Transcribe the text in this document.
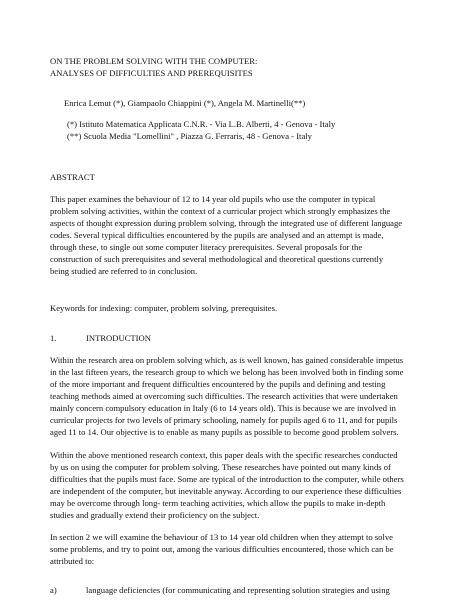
ON THE PROBLEM SOLVING WITH THE COMPUTER:
ANALYSES OF DIFFICULTIES AND PREREQUISITES
Enrica Lemut (*), Giampaolo Chiappini (*), Angela M. Martinelli(**)
(*) Istituto Matematica Applicata C.N.R. - Via L.B. Alberti, 4 - Genova - Italy
(**) Scuola Media "Lomellini" , Piazza G. Ferraris, 48 - Genova - Italy
ABSTRACT
This paper examines the behaviour of 12 to 14 year old pupils who use the computer in typical
problem solving activities, within the context of a curricular project which strongly emphasizes the
aspects of thought expression during problem solving, through the integrated use of different language
codes. Several typical difficulties encountered by the pupils are analysed and an attempt is made,
through these, to single out some computer literacy prerequisites. Several proposals for the
construction of such prerequisites and several methodological and theoretical questions currently
being studied are referred to in conclusion.
Keywords for indexing: computer, problem solving, prerequisites.
1.	INTRODUCTION
Within the research area on problem solving which, as is well known, has gained considerable impetus
in the last fifteen years, the research group to which we belong has been involved both in finding some
of the more important and frequent difficulties encountered by the pupils and defining and testing
teaching methods aimed at overcoming such difficulties. The research activities that were undertaken
mainly concern compulsory education in Italy (6 to 14 years old). This is because we are involved in
curricular projects for two levels of primary schooling, namely for pupils aged 6 to 11, and for pupils
aged 11 to 14. Our objective is to enable as many pupils as possible to become good problem solvers.
Within the above mentioned research context, this paper deals with the specific researches conducted
by us on using the computer for problem solving. These researches have pointed out many kinds of
difficulties that the pupils must face. Some are typical of the introduction to the computer, while others
are independent of the computer, but inevitable anyway. According to our experience these difficulties
may be overcome through long- term teaching activities, which allow the pupils to make in-depth
studies and gradually extend their proficiency on the subject.
In section 2 we will examine the behaviour of 13 to 14 year old children when they attempt to solve
some problems, and try to point out, among the various difficulties encountered, those which can be
attributed to:
a)	language deficiencies (for communicating and representing solution strategies and using
